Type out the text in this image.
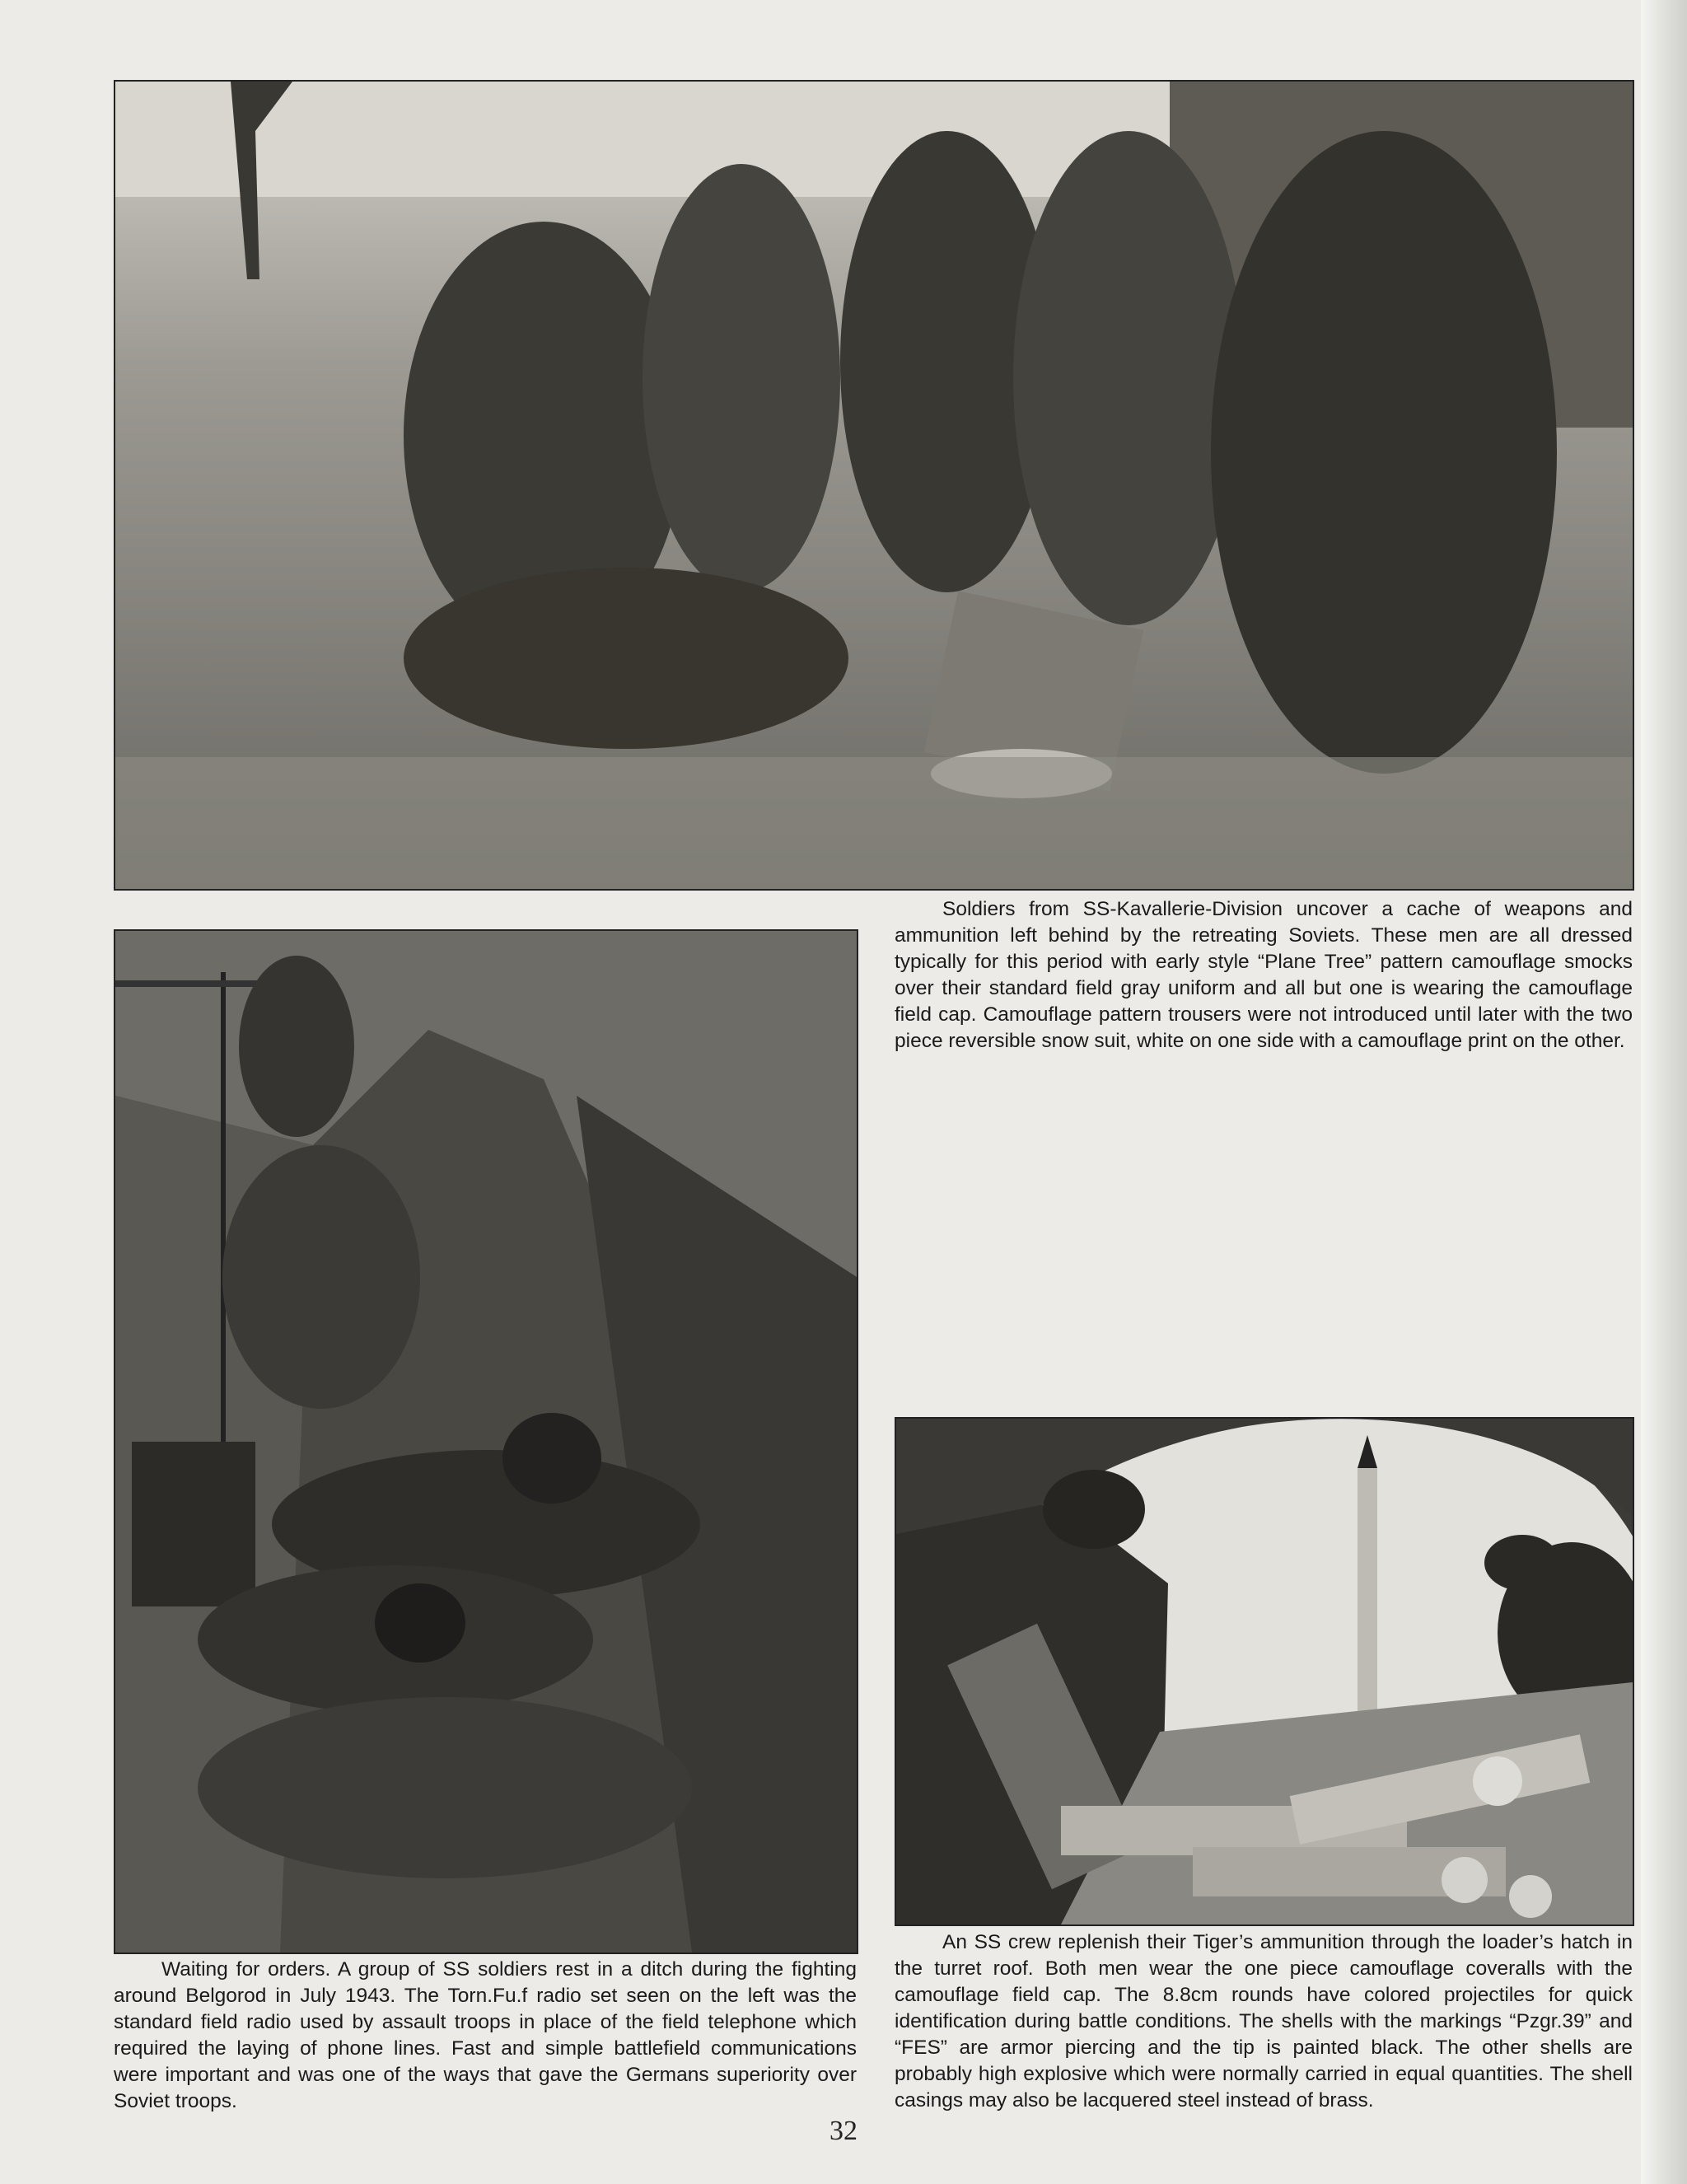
Soldiers from SS-Kavallerie-Division uncover a cache of weapons and ammunition left behind by the retreating Soviets. These men are all dressed typically for this period with early style “Plane Tree” pattern camouflage smocks over their standard field gray uniform and all but one is wearing the camouflage field cap. Camouflage pattern trousers were not introduced until later with the two piece reversible snow suit, white on one side with a camouflage print on the other.

Waiting for orders. A group of SS soldiers rest in a ditch during the fighting around Belgorod in July 1943. The Torn.Fu.f radio set seen on the left was the standard field radio used by assault troops in place of the field telephone which required the laying of phone lines. Fast and simple battlefield communications were important and was one of the ways that gave the Germans superiority over Soviet troops.

An SS crew replenish their Tiger’s ammunition through the loader’s hatch in the turret roof. Both men wear the one piece camouflage coveralls with the camouflage field cap. The 8.8cm rounds have colored projectiles for quick identification during battle conditions. The shells with the markings “Pzgr.39” and “FES” are armor piercing and the tip is painted black. The other shells are probably high explosive which were normally carried in equal quantities. The shell casings may also be lacquered steel instead of brass.

32
